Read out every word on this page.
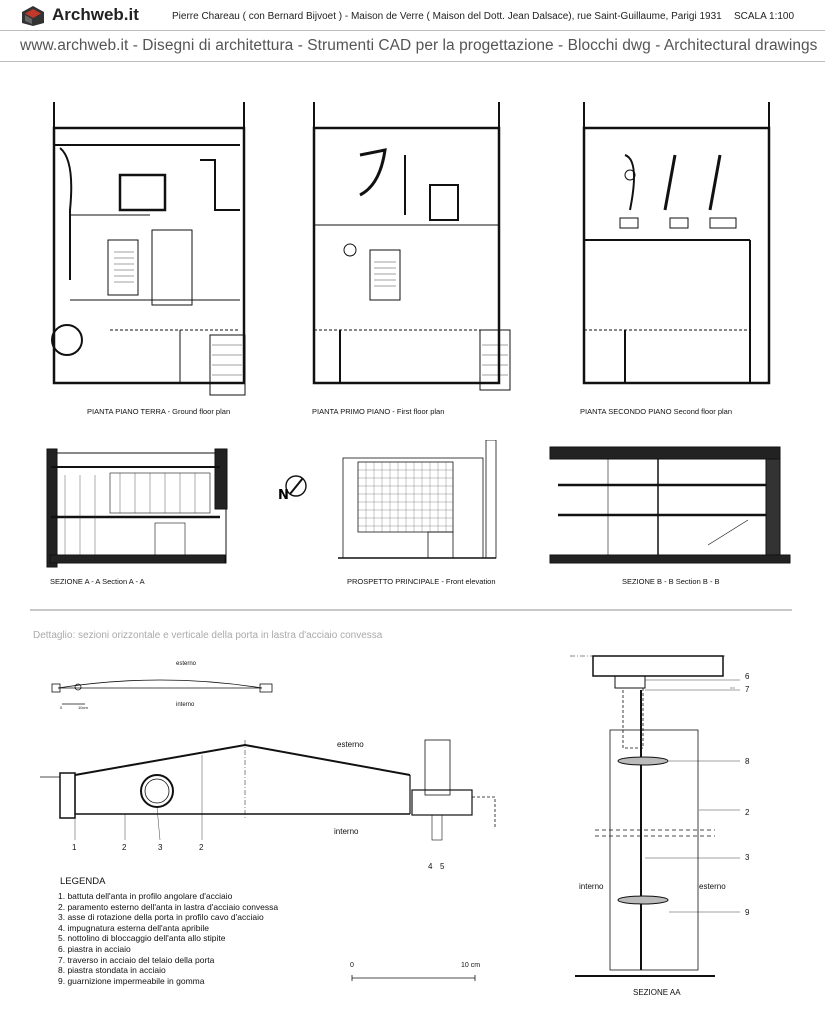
Archweb.it	Pierre Chareau ( con Bernard Bijvoet ) - Maison de Verre ( Maison del Dott. Jean Dalsace), rue Saint-Guillaume, Parigi 1931 SCALA 1:100
www.archweb.it - Disegni di architettura - Strumenti CAD per la progettazione - Blocchi dwg - Architectural drawings
PIANTA PIANO TERRA - Ground floor plan	PIANTA PRIMO PIANO - First floor plan	PIANTA SECONDO PIANO Second floor plan
SEZIONE A - A Section A - A
N
PROSPETTO PRINCIPALE - Front elevation	SEZIONE B - B Section B - B
Dettaglio: sezioni orizzontale e verticale della porta in lastra d'acciaio convessa
esterno
interno
0	10cm
esterno
interno
1	2	3	2
4 5
LEGENDA
1. battuta dell'anta in profilo angolare d'acciaio
2. paramento esterno dell'anta in lastra d'acciaio convessa
3. asse di rotazione della porta in profilo cavo d'acciaio
4. impugnatura esterna dell'anta apribile
5. nottolino di bloccaggio dell'anta allo stipite
6. piastra in acciaio
7. traverso in acciaio del telaio della porta
8. piastra stondata in acciaio
9. guarnizione impermeabile in gomma
0	10 cm
6
7
8
2
3
9
interno	esterno
SEZIONE AA
